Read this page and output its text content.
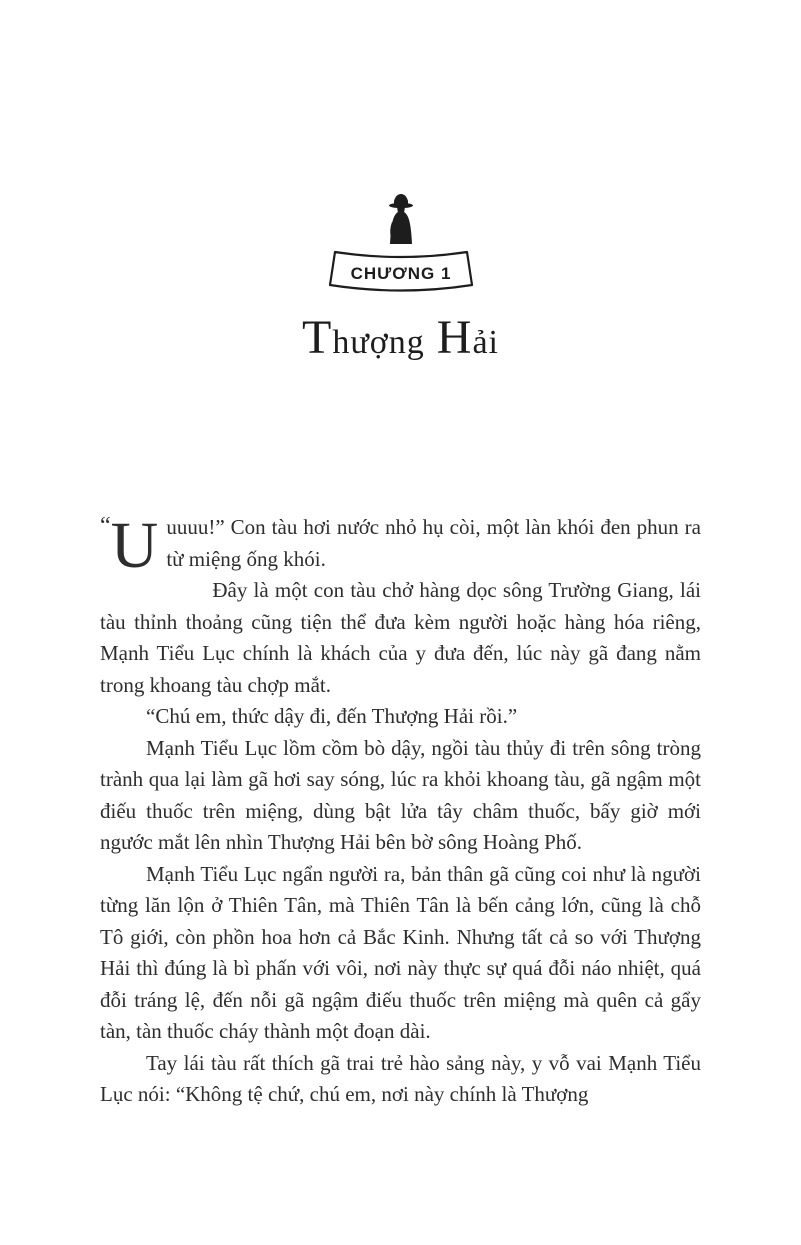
CHƯƠNG 1
Thượng Hải

“U uuuu!” Con tàu hơi nước nhỏ hụ còi, một làn khói đen phun ra từ miệng ống khói.

Đây là một con tàu chở hàng dọc sông Trường Giang, lái tàu thỉnh thoảng cũng tiện thể đưa kèm người hoặc hàng hóa riêng, Mạnh Tiểu Lục chính là khách của y đưa đến, lúc này gã đang nằm trong khoang tàu chợp mắt.

“Chú em, thức dậy đi, đến Thượng Hải rồi.”

Mạnh Tiểu Lục lồm cồm bò dậy, ngồi tàu thủy đi trên sông tròng trành qua lại làm gã hơi say sóng, lúc ra khỏi khoang tàu, gã ngậm một điếu thuốc trên miệng, dùng bật lửa tây châm thuốc, bấy giờ mới ngước mắt lên nhìn Thượng Hải bên bờ sông Hoàng Phố.

Mạnh Tiểu Lục ngẩn người ra, bản thân gã cũng coi như là người từng lăn lộn ở Thiên Tân, mà Thiên Tân là bến cảng lớn, cũng là chỗ Tô giới, còn phồn hoa hơn cả Bắc Kinh. Nhưng tất cả so với Thượng Hải thì đúng là bì phấn với vôi, nơi này thực sự quá đỗi náo nhiệt, quá đỗi tráng lệ, đến nỗi gã ngậm điếu thuốc trên miệng mà quên cả gẩy tàn, tàn thuốc cháy thành một đoạn dài.

Tay lái tàu rất thích gã trai trẻ hào sảng này, y vỗ vai Mạnh Tiểu Lục nói: “Không tệ chứ, chú em, nơi này chính là Thượng
